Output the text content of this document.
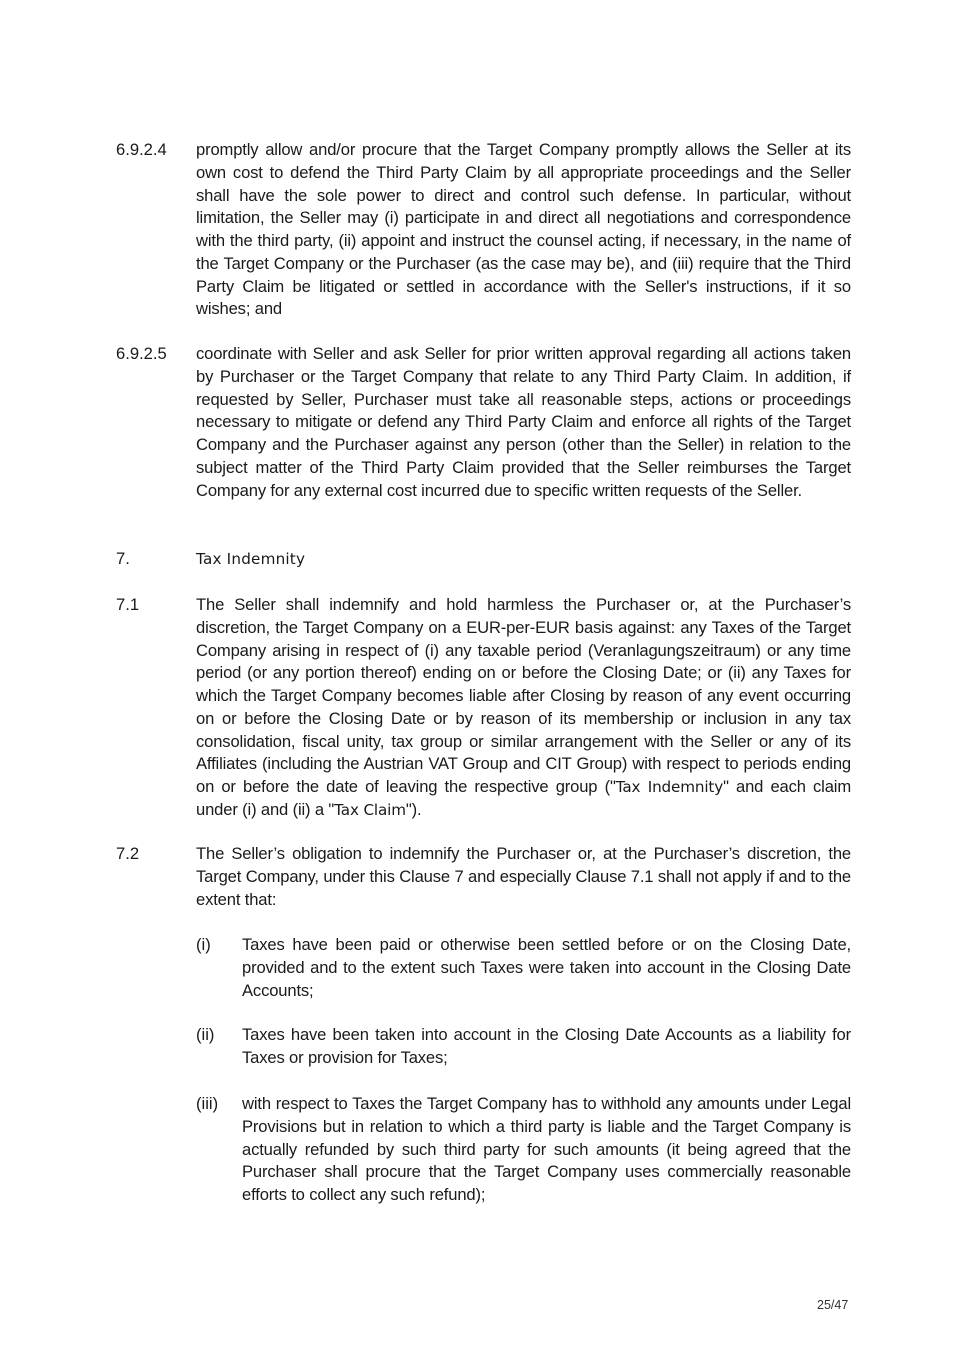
6.9.2.4 promptly allow and/or procure that the Target Company promptly allows the Seller at its own cost to defend the Third Party Claim by all appropriate proceedings and the Seller shall have the sole power to direct and control such defense. In particular, without limitation, the Seller may (i) participate in and direct all negotiations and correspondence with the third party, (ii) appoint and instruct the counsel acting, if necessary, in the name of the Target Company or the Purchaser (as the case may be), and (iii) require that the Third Party Claim be litigated or settled in accordance with the Seller's instructions, if it so wishes; and
6.9.2.5 coordinate with Seller and ask Seller for prior written approval regarding all actions taken by Purchaser or the Target Company that relate to any Third Party Claim. In addition, if requested by Seller, Purchaser must take all reasonable steps, actions or proceedings necessary to mitigate or defend any Third Party Claim and enforce all rights of the Target Company and the Purchaser against any person (other than the Seller) in relation to the subject matter of the Third Party Claim provided that the Seller reimburses the Target Company for any external cost incurred due to specific written requests of the Seller.
7.	Tax Indemnity
7.1	The Seller shall indemnify and hold harmless the Purchaser or, at the Purchaser’s discretion, the Target Company on a EUR-per-EUR basis against: any Taxes of the Target Company arising in respect of (i) any taxable period (Veranlagungszeitraum) or any time period (or any portion thereof) ending on or before the Closing Date; or (ii) any Taxes for which the Target Company becomes liable after Closing by reason of any event occurring on or before the Closing Date or by reason of its membership or inclusion in any tax consolidation, fiscal unity, tax group or similar arrangement with the Seller or any of its Affiliates (including the Austrian VAT Group and CIT Group) with respect to periods ending on or before the date of leaving the respective group ("Tax Indemnity" and each claim under (i) and (ii) a "Tax Claim").
7.2	The Seller’s obligation to indemnify the Purchaser or, at the Purchaser’s discretion, the Target Company, under this Clause 7 and especially Clause 7.1 shall not apply if and to the extent that:
(i) Taxes have been paid or otherwise been settled before or on the Closing Date, provided and to the extent such Taxes were taken into account in the Closing Date Accounts;
(ii) Taxes have been taken into account in the Closing Date Accounts as a liability for Taxes or provision for Taxes;
(iii) with respect to Taxes the Target Company has to withhold any amounts under Legal Provisions but in relation to which a third party is liable and the Target Company is actually refunded by such third party for such amounts (it being agreed that the Purchaser shall procure that the Target Company uses commercially reasonable efforts to collect any such refund);
25/47
